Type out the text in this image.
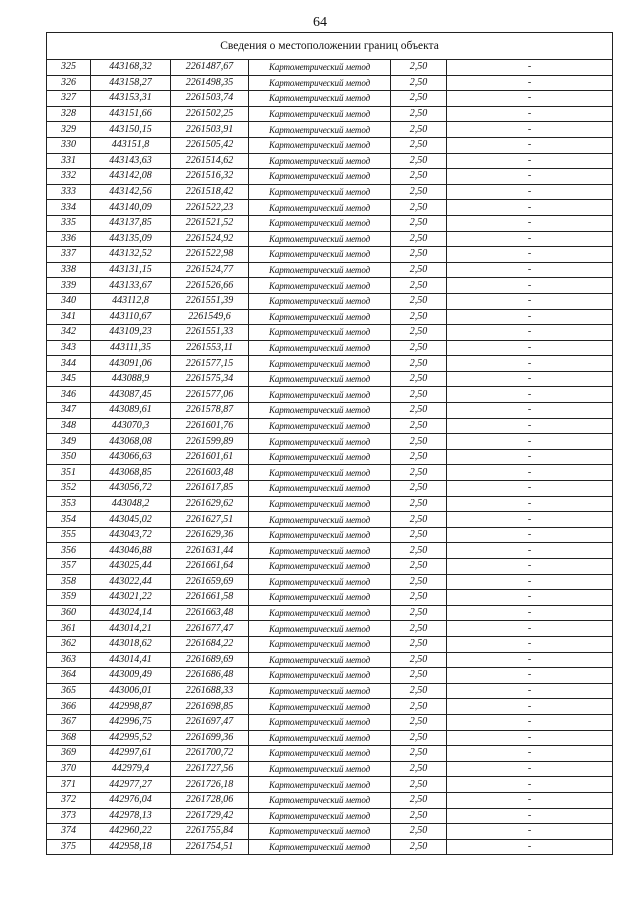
64
Сведения о местоположении границ объекта					
325	443168,32	2261487,67	Картометрический метод	2,50	-
326	443158,27	2261498,35	Картометрический метод	2,50	-
327	443153,31	2261503,74	Картометрический метод	2,50	-
328	443151,66	2261502,25	Картометрический метод	2,50	-
329	443150,15	2261503,91	Картометрический метод	2,50	-
330	443151,8	2261505,42	Картометрический метод	2,50	-
331	443143,63	2261514,62	Картометрический метод	2,50	-
332	443142,08	2261516,32	Картометрический метод	2,50	-
333	443142,56	2261518,42	Картометрический метод	2,50	-
334	443140,09	2261522,23	Картометрический метод	2,50	-
335	443137,85	2261521,52	Картометрический метод	2,50	-
336	443135,09	2261524,92	Картометрический метод	2,50	-
337	443132,52	2261522,98	Картометрический метод	2,50	-
338	443131,15	2261524,77	Картометрический метод	2,50	-
339	443133,67	2261526,66	Картометрический метод	2,50	-
340	443112,8	2261551,39	Картометрический метод	2,50	-
341	443110,67	2261549,6	Картометрический метод	2,50	-
342	443109,23	2261551,33	Картометрический метод	2,50	-
343	443111,35	2261553,11	Картометрический метод	2,50	-
344	443091,06	2261577,15	Картометрический метод	2,50	-
345	443088,9	2261575,34	Картометрический метод	2,50	-
346	443087,45	2261577,06	Картометрический метод	2,50	-
347	443089,61	2261578,87	Картометрический метод	2,50	-
348	443070,3	2261601,76	Картометрический метод	2,50	-
349	443068,08	2261599,89	Картометрический метод	2,50	-
350	443066,63	2261601,61	Картометрический метод	2,50	-
351	443068,85	2261603,48	Картометрический метод	2,50	-
352	443056,72	2261617,85	Картометрический метод	2,50	-
353	443048,2	2261629,62	Картометрический метод	2,50	-
354	443045,02	2261627,51	Картометрический метод	2,50	-
355	443043,72	2261629,36	Картометрический метод	2,50	-
356	443046,88	2261631,44	Картометрический метод	2,50	-
357	443025,44	2261661,64	Картометрический метод	2,50	-
358	443022,44	2261659,69	Картометрический метод	2,50	-
359	443021,22	2261661,58	Картометрический метод	2,50	-
360	443024,14	2261663,48	Картометрический метод	2,50	-
361	443014,21	2261677,47	Картометрический метод	2,50	-
362	443018,62	2261684,22	Картометрический метод	2,50	-
363	443014,41	2261689,69	Картометрический метод	2,50	-
364	443009,49	2261686,48	Картометрический метод	2,50	-
365	443006,01	2261688,33	Картометрический метод	2,50	-
366	442998,87	2261698,85	Картометрический метод	2,50	-
367	442996,75	2261697,47	Картометрический метод	2,50	-
368	442995,52	2261699,36	Картометрический метод	2,50	-
369	442997,61	2261700,72	Картометрический метод	2,50	-
370	442979,4	2261727,56	Картометрический метод	2,50	-
371	442977,27	2261726,18	Картометрический метод	2,50	-
372	442976,04	2261728,06	Картометрический метод	2,50	-
373	442978,13	2261729,42	Картометрический метод	2,50	-
374	442960,22	2261755,84	Картометрический метод	2,50	-
375	442958,18	2261754,51	Картометрический метод	2,50	-
